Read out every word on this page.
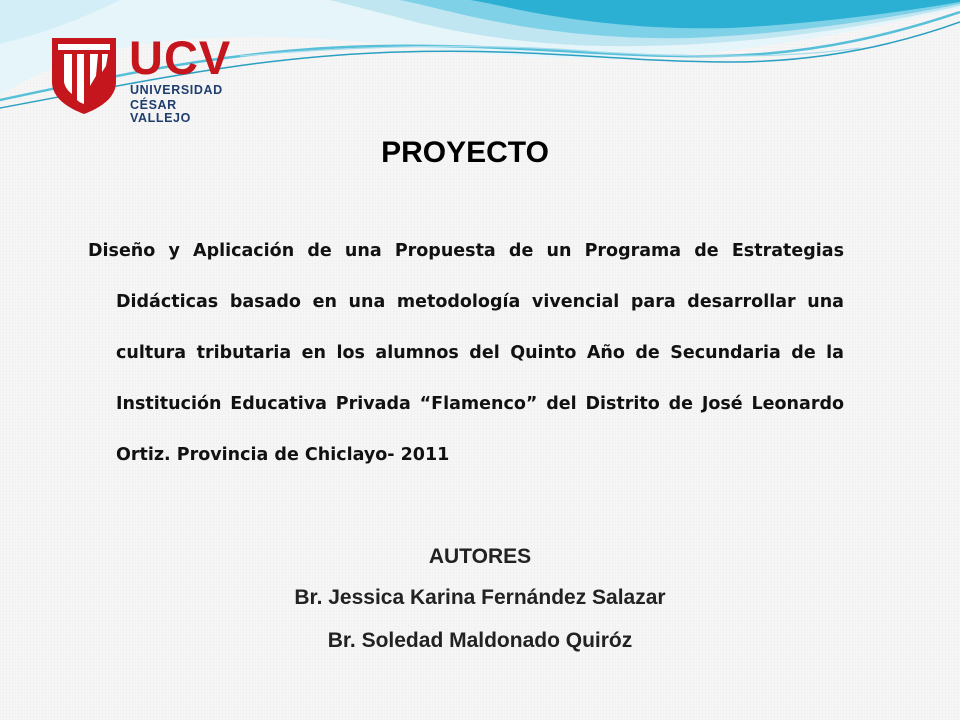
UCV
UNIVERSIDAD
CÉSAR VALLEJO
PROYECTO

Diseño y Aplicación de una Propuesta de un Programa de Estrategias Didácticas basado en una metodología vivencial para desarrollar una cultura tributaria en los alumnos del Quinto Año de Secundaria de la Institución Educativa Privada “Flamenco” del Distrito de José Leonardo Ortiz. Provincia de Chiclayo- 2011

AUTORES

Br. Jessica Karina Fernández Salazar

Br. Soledad Maldonado Quiróz
